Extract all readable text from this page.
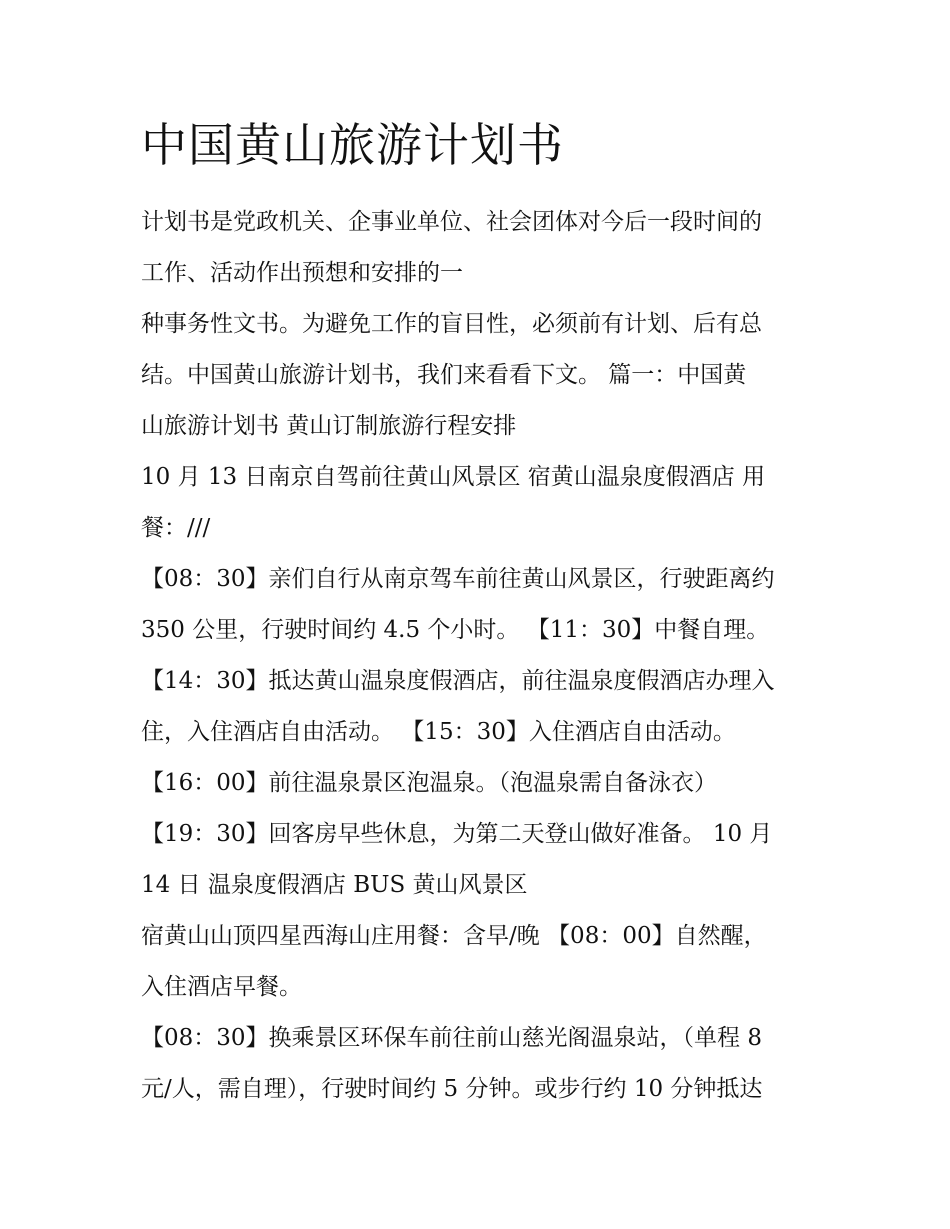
中国黄山旅游计划书
计划书是党政机关、企事业单位、社会团体对今后一段时间的
工作、活动作出预想和安排的一
种事务性文书。为避免工作的盲目性，必须前有计划、后有总
结。中国黄山旅游计划书，我们来看看下文。 篇一：中国黄
山旅游计划书 黄山订制旅游行程安排
10 月 13 日南京自驾前往黄山风景区 宿黄山温泉度假酒店 用
餐：///
【08：30】亲们自行从南京驾车前往黄山风景区，行驶距离约
350 公里，行驶时间约 4.5 个小时。 【11：30】中餐自理。
【14：30】抵达黄山温泉度假酒店，前往温泉度假酒店办理入
住，入住酒店自由活动。 【15：30】入住酒店自由活动。
【16：00】前往温泉景区泡温泉。（泡温泉需自备泳衣）
【19：30】回客房早些休息，为第二天登山做好准备。 10 月
14 日 温泉度假酒店 BUS 黄山风景区
宿黄山山顶四星西海山庄用餐：含早/晚 【08：00】自然醒，
入住酒店早餐。
【08：30】换乘景区环保车前往前山慈光阁温泉站，（单程 8
元/人，需自理），行驶时间约 5 分钟。或步行约 10 分钟抵达
